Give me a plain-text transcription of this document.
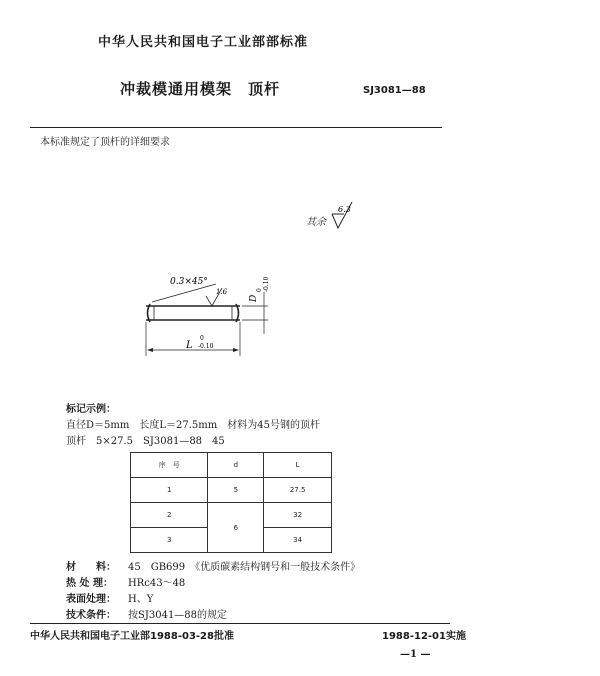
中华人民共和国电子工业部部标准
冲裁模通用模架　顶杆	SJ3081—88
本标准规定了顶杆的详细要求
其余
6.3
0.3×45°
1.6
D
0 -0.10
L
0
-0.10
标记示例：
直径D＝5mm　长度L＝27.5mm　材料为45号钢的顶杆
顶杆　5×27.5　SJ3081—88　45
序　号	d	L
1	5	27.5
2	6	32
3		34
材　　料： 45　GB699　《优质碳素结构钢号和一般技术条件》
热 处 理： HRc43～48
表面处理： H、Y
技术条件： 按SJ3041—88的规定
中华人民共和国电子工业部1988-03-28批准	1988-12-01实施
—1 —
